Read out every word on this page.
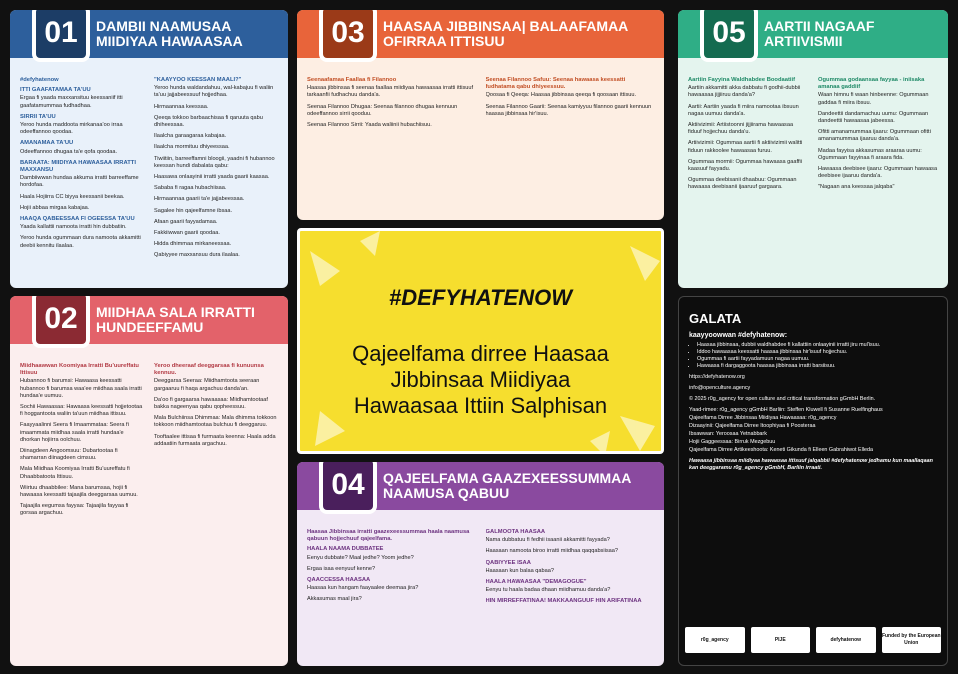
01	DAMBII NAAMUSAA MIIDIYAA HAWAASAA
#defyhatenow
ITTI GAAFATAMAA TA'UU

Ergaa fi yaada maxxansituu keessaniif itti gaafatamummaa fudhadhaa.

SIRRII TA'UU

Yeroo hunda maddoota mirkanaa'oo irraa odeeffannoo qoodaa.

AMANAMAA TA'UU

Odeeffannoo dhugaa ta'e qofa qoodaa.

BARAATA: MIIDIYAA HAWAASAA IRRATTI MAXXANSU

Dambiiwwan hundaa akkuma irratti barreeffame hordofaa.

Haala Hojiirra CC biyya keessanii beekaa.

Hojii abbaa mirgaa kabajaa.

HAAQA QABEESSAA FI OGEESSA TA'UU

Yaada kallattii namoota irratti hin dubbatiin.

Yeroo hunda ogummaan dura namoota akkamitti deebii kennitu ilaalaa.

"KAAYYOO KEESSAN MAALI?"

Yeroo hunda waldandahuu, wal-kabajuu fi waliin ta'uu jajjabeessuuf hojjedhaa.

Hirmaannaa keessaa.

Qeeqa tokkoo barbaachisaa fi qaruuta qabu dhiheessaa.

Ilaalcha garaagaraa kabajaa.

Ilaalcha mormituu dhiyeessaa.

Tiwiitiin, barreeffamni bloogii, yaadni fi hubannoo keessan hundi dabalata qabu:

Haasawa onlaayinii irratti yaada gaarii kaasaa.

Sababa fi ragaa hubachiisaa.

Hirmaannaa gaarii ta'e jajjabeessaa.

Sagalee hin qajeelfamne ibsaa.

Afaan gaarii fayyadamaa.

Fakkiiwwan gaarii qoodaa.

Hidda dhimmaa mirkaneessaa.

Qabiyyee maxxansuu dura ilaalaa.

02	MIIDHAA SALA IRRATTI HUNDEEFFAMU
Miidhaawwan Koomiyaa Irratti Bu'uureffatu Ittisuu

Hubannoo fi barumsi: Hawaasa keessatti hubannoo fi barumsa waa'ee miidhaa saala irratti hundaa'e uumuu.

Sochii Hawaasaa: Hawaasa keessatti hojjetootaa fi hoggantoota waliin ta'uun miidhaa ittisuu.

Faayyaalinni Seera fi Imaammataa: Seera fi imaammata miidhaa saala irratti hundaa'e dhorkan hojiirra oolchuu.

Diinagdeen Angoomsuu: Dubartootaa fi shamarran diinagdeen cimsuu.

Mala Miidhaa Koomiyaa Irratti Bu'uureffatu fi Dhaabbatoota Ittisuu.

Wiirtuu dhaabbilee: Mana barumsaa, hojii fi hawaasa keessatti tajaajila deeggarsaa uumuu.

Tajaajila eegumsa fayyaa: Tajaajila fayyaa fi gorsaa argachuu.

Yeroo dheeraaf deeggarsaa fi kunuunsa kennuu.

Deeggarsa Seeraa: Miidhamtoota seeraan gargaaruu fi haqa argachuu danda'an.

Da'oo fi gargaarsa hawaasaa: Miidhamtootaaf bakka nageenyaa qabu qopheessuu.

Mala Bulchiinsa Dhimmaa: Mala dhimma tokkoon tokkoon miidhamtootaa bulchuu fi deeggaruu.

Tooftaalee ittisaa fi furmaata keenna: Haala adda addaatiin furmaata argachuu.

03	HAASAA JIBBINSAA| BALAAFAMAA OFIRRAA ITTISUU
Seenaafamaa Faallaa fi Filannoo

Haasaa jibbinsaa fi seenaa faallaa miidiyaa hawaasaa irratti ittisuuf tarkaanfii fudhachuu danda'a.

Seenaa Filannoo Dhugaa: Seenaa filannoo dhugaa kennuun odeeffannoo sirrii qooduu.

Seenaa Filannoo Sirrii: Yaada waliinii hubachiisuu.

Seenaa Filannoo Safuu: Seenaa hawaasa keessatti fudhatama qabu dhiyeessuu.

Qoosaa fi Qeeqa: Haasaa jibbinsaa qeeqa fi qoosaan ittisuu.

Seenaa Filannoo Gaarii: Seenaa kamiyyuu filannoo gaarii kennuun haasaa jibbinsaa hir'isuu.

05	AARTII NAGAAF ARTIIVISMII
Aartiin Fayyina Waldhabdee Boodaatiif

Aartiin akkamitti akka dabbatu fi godhii-dubbii hawaasaa jijjiiruu danda'a?

Aartii: Aartiin yaada fi miira namootaa ibsuun nagaa uumuu danda'a.

Aktiivizimii: Artiistoonni jijjiirama hawaasaa fiduuf hojjechuu danda'u.

Artiivizimii: Ogummaa aartii fi aktiivizimii walitti fiduun rakkoolee hawaasaa furuu.

Ogummaa mormii: Ogummaa hawaasa gaaffii kaasuuf fayyadu.

Ogummaa deebisanii dhaabuu: Ogummaan hawaasa deebisanii ijaaruuf gargaara.

Ogummaa godaansaa fayyaa - iniisaka amanaa gaddiif

Waan himnu fi waan hinbeenne: Ogummaan gaddaa fi miira ibsuu.

Dandeettii dandamachuu uumu: Ogummaan dandeettii hawaasaa jabeessa.

Ofitti amanamummaa ijaaru: Ogummaan ofitti amanamummaa ijaaruu danda'a.

Madaa fayyisa akkasumas araaraa uumu: Ogummaan fayyinaa fi araara fida.

Hawaasa deebisee ijaaru: Ogummaan hawaasa deebisee ijaaruu danda'a.

"Nagaan ana keessaa jalqaba"

#DEFYHATENOW
Qajeelfama dirree Haasaa Jibbinsaa Miidiyaa Hawaasaa Ittiin Salphisan
04	QAJEELFAMA GAAZEXEESSUMMAA NAAMUSA QABUU
Haasaa Jibbinsaa irratti gaazexeessummaa haala naamusa qabuun hojjechuuf qajeelfama.
HAALA NAAMA DUBBATEE

Eenyu dubbate? Maal jedhe? Yoom jedhe?

Ergaa isaa eenyuuf kenne?

QAACCESSA HAASAA

Haasaa kun hangam faayaalee deemaa jira?

Akkasumas maal jira?

GALMOOTA HAASAA

Nama dubbatuu fi fedhii isaanii akkamitti fayyada?

Haasaan namoota biroo irratti miidhaa qaqqabsiisaa?

QABIYYEE ISAA

Haasaan kun balaa qabaa?

HAALA HAWAASAA "DEMAGOGUE"

Eenyu tu haala badaa dhaan miidhamuu danda'a?

HIN MIRREFFATINAA! MAKKAANGUUF HIN ARIFATINAA
GALATA
kaayyoowwan #defyhatenow:
• Haasaa jibbinsaa, dubbii waldhabdee fi kallattiin onlaayinii irratti jiru mul'isuu.
• Iddoo hawaasaa keessatti haasaa jibbinsaa hir'isuuf hojjechuu.
• Ogummaa fi aartii fayyadamuun nagaa uumuu.
• Hawaasa fi dargaggoota haasaa jibbinsaa irratti barsiisuu.

https://defyhatenow.org

info@openculture.agency

© 2025 r0g_agency for open culture and critical transformation gGmbH Berlin.

Yaad-rimee: r0g_agency gGmbH Barliin: Steffen Kluwell fi Susanne Ruelfinghaus

Qajeelfama Dirree Jibbinsaa Miidiyaa Hawaasaa: r0g_agency

Dizaayinii: Qajeelfama Dirree Itoophiyaa fi Poosteraa

Ibsawwan: Yeroosaa Yetnabbark

Hojii Gaggeessaa: Birruk Mezgebuu

Qajeelfama Dirree Artikeeshoota: Keneti Gikunda fi Elleen Gabrahiwot Elleda

Hawaasa jibbinsaa miidiyaa hawaasaa ittisuuf jalqabbii #defyhatenow jedhamu kun maallaqaan kan deeggaramu r0g_agency gGmbH, Barliin irraati.

r0g_agency	PIJE	defyhatenow
Funded by the European Union
